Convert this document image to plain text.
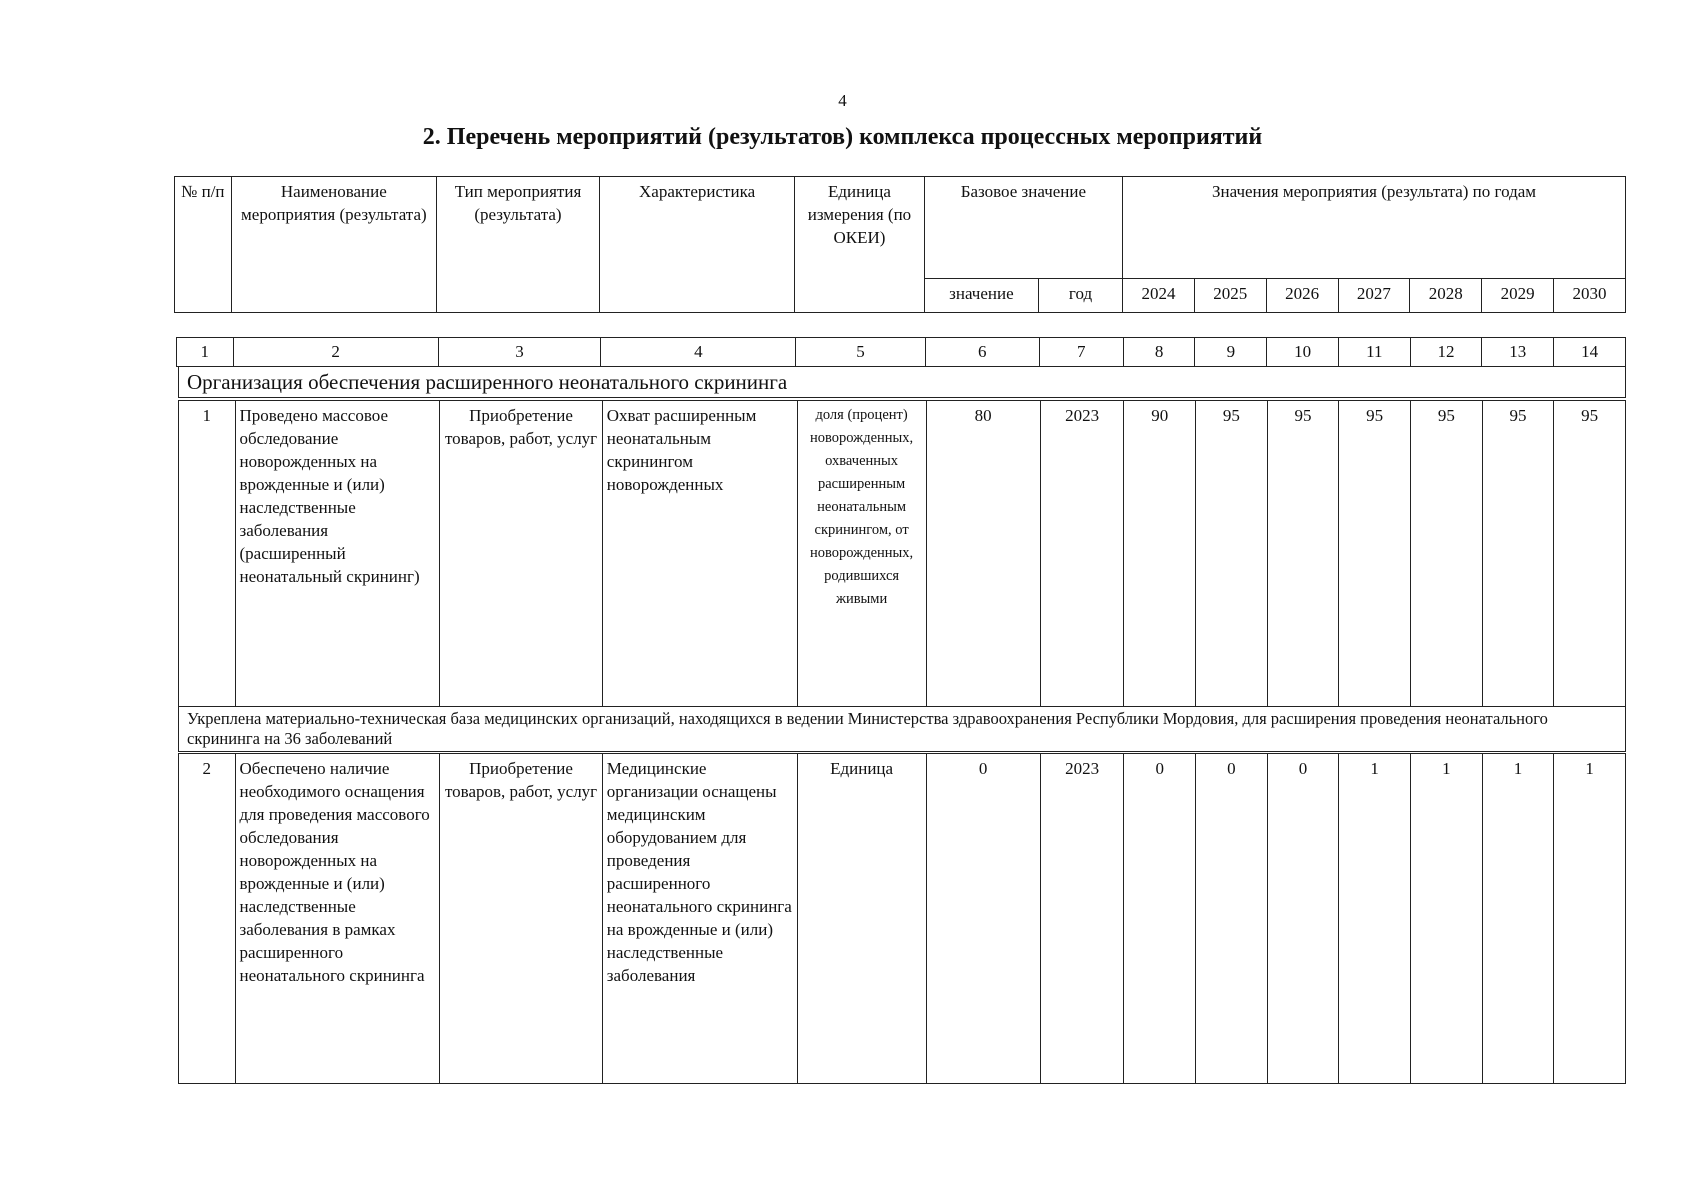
4
2. Перечень мероприятий (результатов) комплекса процессных мероприятий
№ п/п	Наименование мероприятия (результата)	Тип мероприятия (результата)	Характеристика	Единица измерения (по ОКЕИ)	Базовое значение		Значения мероприятия (результата) по годам						
					значение	год	2024	2025	2026	2027	2028	2029	2030
1	2	3	4	5	6	7	8	9	10	11	12	13	14
Организация обеспечения расширенного неонатального скрининга
1	Проведено массовое обследование новорожденных на врожденные и (или) наследственные заболевания (расширенный неонатальный скрининг)	Приобретение товаров, работ, услуг	Охват расширенным неонатальным скринингом новорожденных	доля (процент) новорожденных, охваченных расширенным неонатальным скринингом, от новорожденных, родившихся живыми	80	2023	90	95	95	95	95	95	95
Укреплена материально-техническая база медицинских организаций, находящихся в ведении Министерства здравоохранения Республики Мордовия, для расширения проведения неонатального скрининга на 36 заболеваний
2	Обеспечено наличие необходимого оснащения для проведения массового обследования новорожденных на врожденные и (или) наследственные заболевания в рамках расширенного неонатального скрининга	Приобретение товаров, работ, услуг	Медицинские организации оснащены медицинским оборудованием для проведения расширенного неонатального скрининга на врожденные и (или) наследственные заболевания	Единица	0	2023	0	0	0	1	1	1	1
